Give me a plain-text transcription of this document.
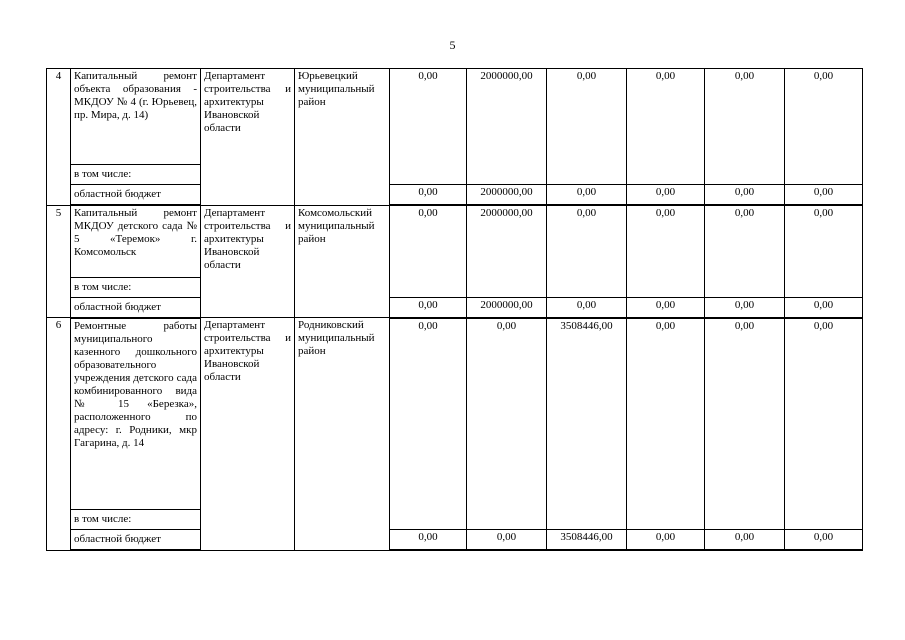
5
4	Капитальный ремонт объекта образования - МКДОУ № 4 (г. Юрьевец, пр. Мира, д. 14)	Департамент строительства и архитектуры Ивановской области	Юрьевецкий муниципальный район	0,00	2000000,00	0,00	0,00	0,00	0,00
	в том числе:								
	областной бюджет			0,00	2000000,00	0,00	0,00	0,00	0,00
5	Капитальный ремонт МКДОУ детского сада № 5 «Теремок» г. Комсомольск	Департамент строительства и архитектуры Ивановской области	Комсомольский муниципальный район	0,00	2000000,00	0,00	0,00	0,00	0,00
	в том числе:								
	областной бюджет			0,00	2000000,00	0,00	0,00	0,00	0,00
6	Ремонтные работы муниципального казенного дошкольного образовательного учреждения детского сада комбинированного вида № 15 «Березка», расположенного по адресу: г. Родники, мкр Гагарина, д. 14	Департамент строительства и архитектуры Ивановской области	Родниковский муниципальный район	0,00	0,00	3508446,00	0,00	0,00	0,00
	в том числе:								
	областной бюджет			0,00	0,00	3508446,00	0,00	0,00	0,00
